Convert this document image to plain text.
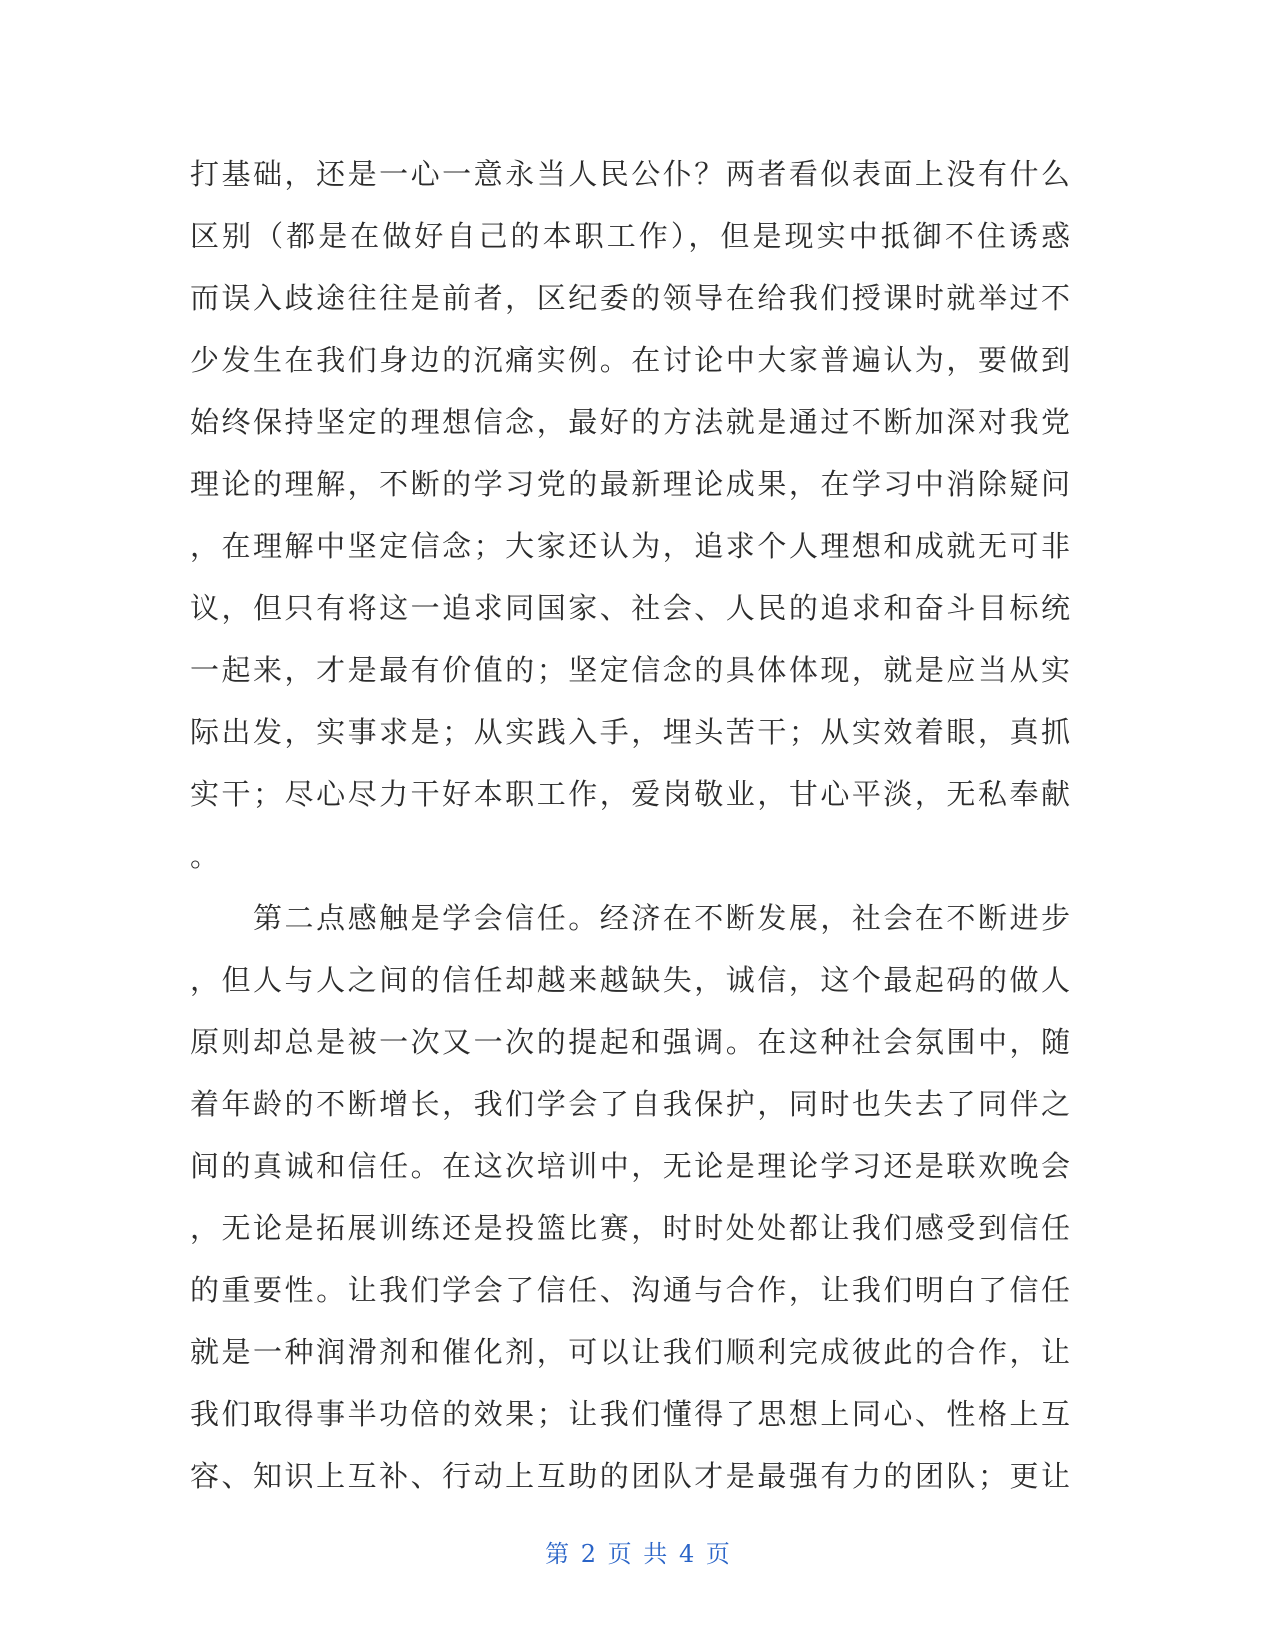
打基础，还是一心一意永当人民公仆？两者看似表面上没有什么
区别（都是在做好自己的本职工作），但是现实中抵御不住诱惑
而误入歧途往往是前者，区纪委的领导在给我们授课时就举过不
少发生在我们身边的沉痛实例。在讨论中大家普遍认为，要做到
始终保持坚定的理想信念，最好的方法就是通过不断加深对我党
理论的理解，不断的学习党的最新理论成果，在学习中消除疑问
，在理解中坚定信念；大家还认为，追求个人理想和成就无可非
议，但只有将这一追求同国家、社会、人民的追求和奋斗目标统
一起来，才是最有价值的；坚定信念的具体体现，就是应当从实
际出发，实事求是；从实践入手，埋头苦干；从实效着眼，真抓
实干；尽心尽力干好本职工作，爱岗敬业，甘心平淡，无私奉献
。
　　第二点感触是学会信任。经济在不断发展，社会在不断进步
，但人与人之间的信任却越来越缺失，诚信，这个最起码的做人
原则却总是被一次又一次的提起和强调。在这种社会氛围中，随
着年龄的不断增长，我们学会了自我保护，同时也失去了同伴之
间的真诚和信任。在这次培训中，无论是理论学习还是联欢晚会
，无论是拓展训练还是投篮比赛，时时处处都让我们感受到信任
的重要性。让我们学会了信任、沟通与合作，让我们明白了信任
就是一种润滑剂和催化剂，可以让我们顺利完成彼此的合作，让
我们取得事半功倍的效果；让我们懂得了思想上同心、性格上互
容、知识上互补、行动上互助的团队才是最强有力的团队；更让
第 2 页 共 4 页
